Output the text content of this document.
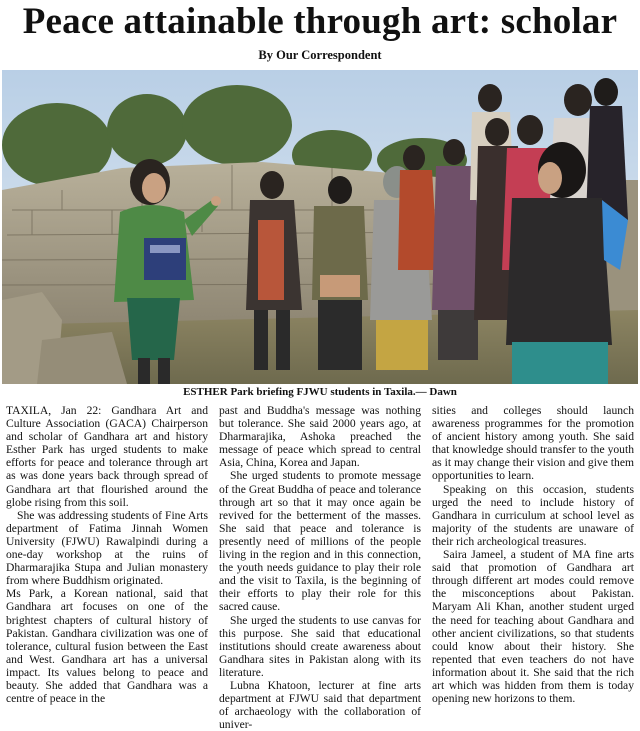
Peace attainable through art: scholar
By Our Correspondent
ESTHER Park briefing FJWU students in Taxila.— Dawn

TAXILA, Jan 22: Gandhara Art and Culture Association (GACA) Chairperson and scholar of Gandhara art and history Esther Park has urged students to make efforts for peace and tolerance through art as was done years back through spread of Gandhara art that flourished around the globe rising from this soil.

She was addressing students of Fine Arts department of Fatima Jinnah Women University (FJWU) Rawalpindi during a one-day workshop at the ruins of Dharmarajika Stupa and Julian monastery from where Buddhism originated.

Ms Park, a Korean national, said that Gandhara art focuses on one of the brightest chapters of cultural history of Pakistan. Gandhara civilization was one of tolerance, cultural fusion between the East and West. Gandhara art has a universal impact. Its values belong to peace and beauty. She added that Gandhara was a centre of peace in the

past and Buddha's message was nothing but tolerance. She said 2000 years ago, at Dharmarajika, Ashoka preached the message of peace which spread to central Asia, China, Korea and Japan.

She urged students to promote message of the Great Buddha of peace and tolerance through art so that it may once again be revived for the betterment of the masses. She said that peace and tolerance is presently need of millions of the people living in the region and in this connection, the youth needs guidance to play their role and the visit to Taxila, is the beginning of their efforts to play their role for this sacred cause.

She urged the students to use canvas for this purpose. She said that educational institutions should create awareness about Gandhara sites in Pakistan along with its literature.

Lubna Khatoon, lecturer at fine arts department at FJWU said that department of archaeology with the collaboration of univer-

sities and colleges should launch awareness programmes for the promotion of ancient history among youth. She said that knowledge should transfer to the youth as it may change their vision and give them opportunities to learn.

Speaking on this occasion, students urged the need to include history of Gandhara in curriculum at school level as majority of the students are unaware of their rich archeological treasures.

Saira Jameel, a student of MA fine arts said that promotion of Gandhara art through different art modes could remove the misconceptions about Pakistan. Maryam Ali Khan, another student urged the need for teaching about Gandhara and other ancient civilizations, so that students could know about their history. She repented that even teachers do not have information about it. She said that the rich art which was hidden from them is today opening new horizons to them.
